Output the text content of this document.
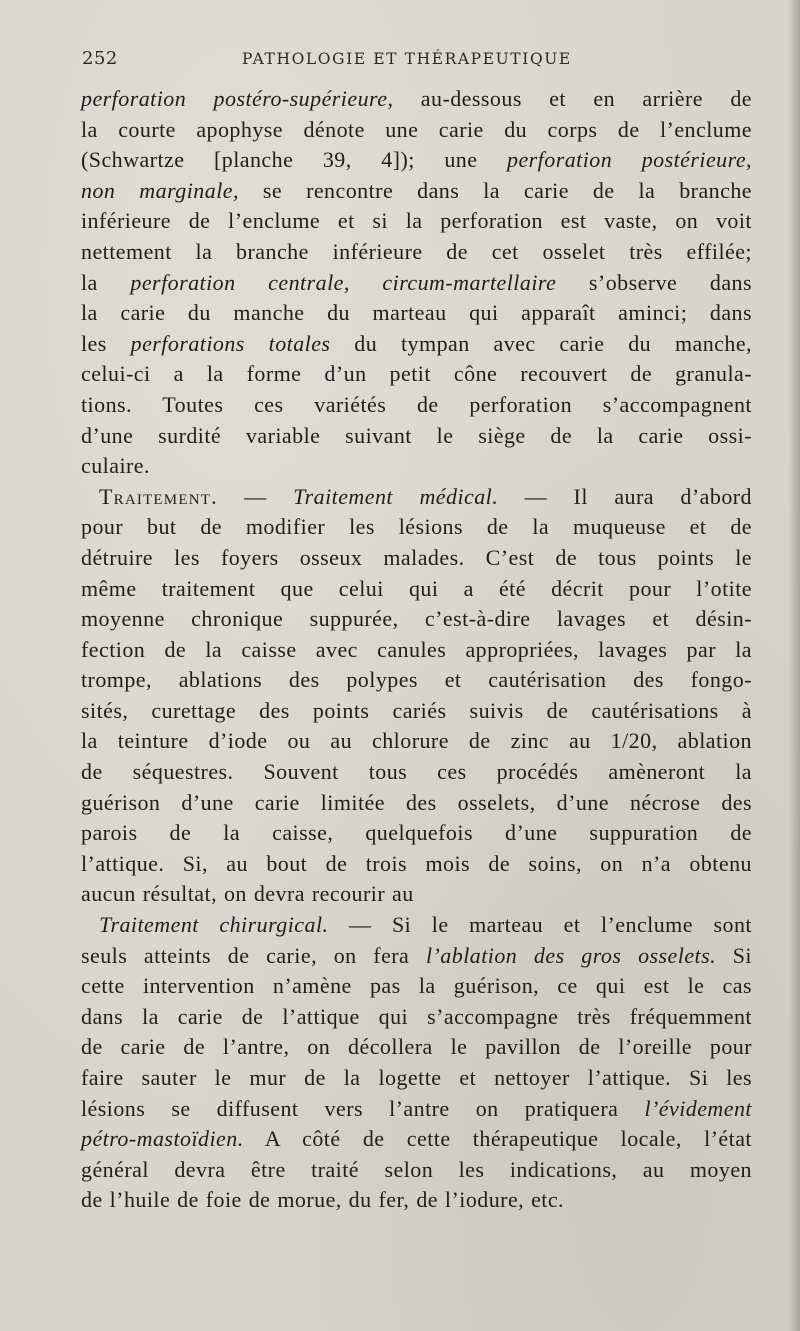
252	PATHOLOGIE ET THÉRAPEUTIQUE
perforation postéro-supérieure, au-dessous et en arrière de
la courte apophyse dénote une carie du corps de l’enclume
(Schwartze [planche 39, 4]); une perforation postérieure,
non marginale, se rencontre dans la carie de la branche
inférieure de l’enclume et si la perforation est vaste, on voit
nettement la branche inférieure de cet osselet très effilée;
la perforation centrale, circum-martellaire s’observe dans
la carie du manche du marteau qui apparaît aminci; dans
les perforations totales du tympan avec carie du manche,
celui-ci a la forme d’un petit cône recouvert de granula-
tions. Toutes ces variétés de perforation s’accompagnent
d’une surdité variable suivant le siège de la carie ossi-
culaire.
Traitement. — Traitement médical. — Il aura d’abord
pour but de modifier les lésions de la muqueuse et de
détruire les foyers osseux malades. C’est de tous points le
même traitement que celui qui a été décrit pour l’otite
moyenne chronique suppurée, c’est-à-dire lavages et désin-
fection de la caisse avec canules appropriées, lavages par la
trompe, ablations des polypes et cautérisation des fongo-
sités, curettage des points cariés suivis de cautérisations à
la teinture d’iode ou au chlorure de zinc au 1/20, ablation
de séquestres. Souvent tous ces procédés amèneront la
guérison d’une carie limitée des osselets, d’une nécrose des
parois de la caisse, quelquefois d’une suppuration de
l’attique. Si, au bout de trois mois de soins, on n’a obtenu
aucun résultat, on devra recourir au
Traitement chirurgical. — Si le marteau et l’enclume sont
seuls atteints de carie, on fera l’ablation des gros osselets. Si
cette intervention n’amène pas la guérison, ce qui est le cas
dans la carie de l’attique qui s’accompagne très fréquemment
de carie de l’antre, on décollera le pavillon de l’oreille pour
faire sauter le mur de la logette et nettoyer l’attique. Si les
lésions se diffusent vers l’antre on pratiquera l’évidement
pétro-mastoïdien. A côté de cette thérapeutique locale, l’état
général devra être traité selon les indications, au moyen
de l’huile de foie de morue, du fer, de l’iodure, etc.
